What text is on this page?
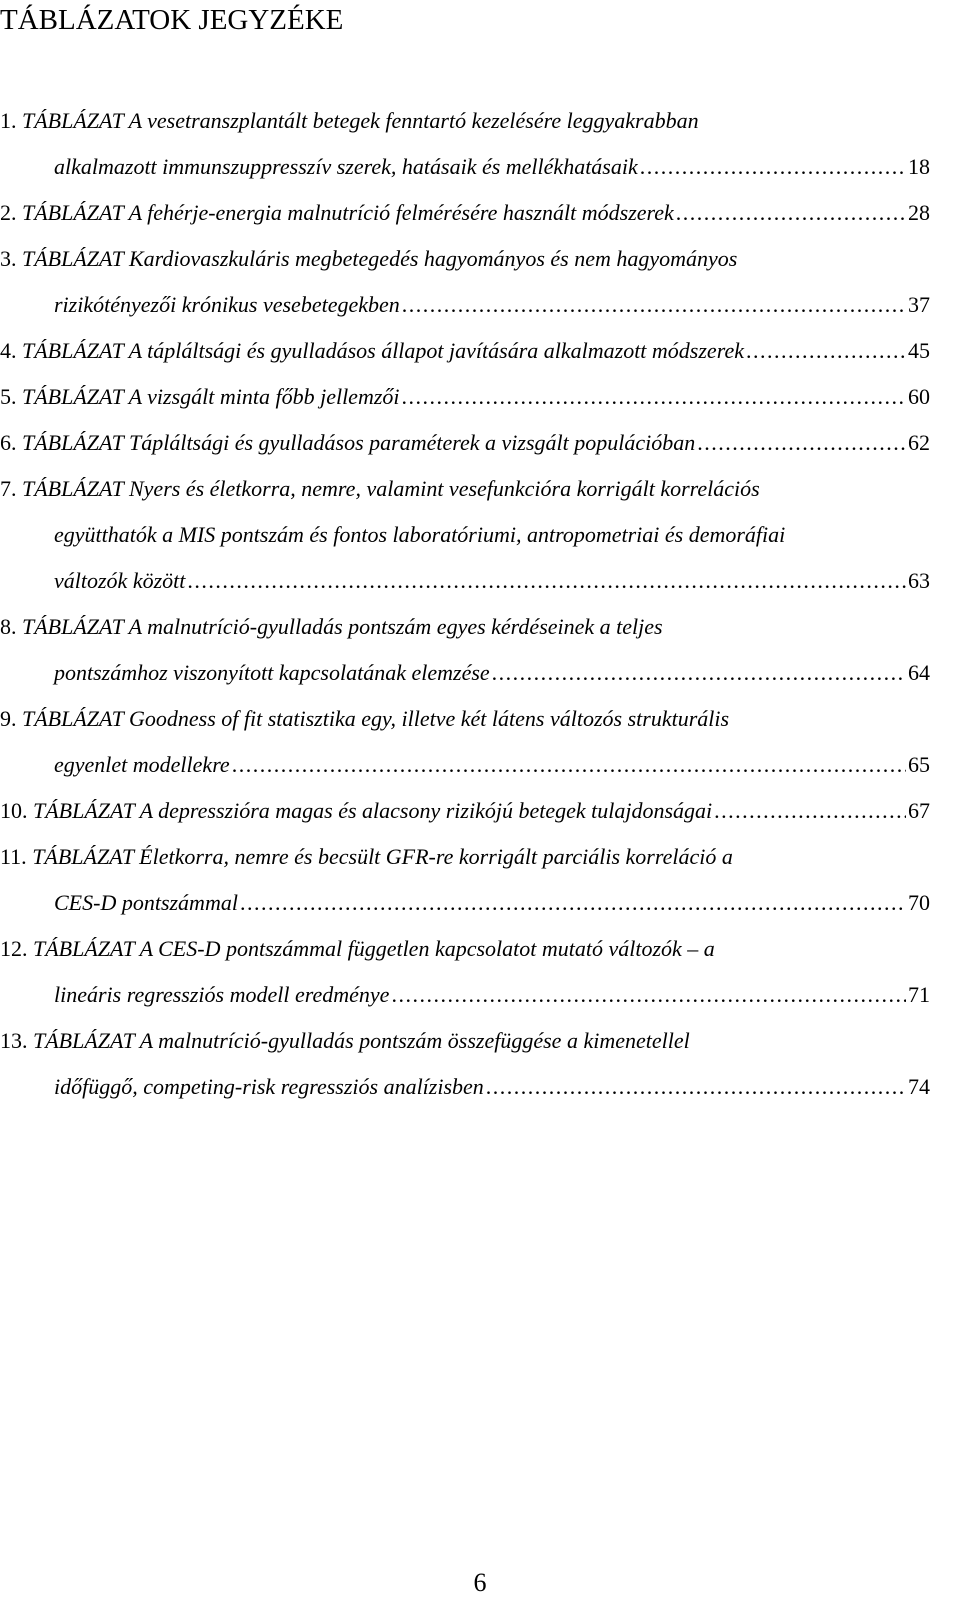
TÁBLÁZATOK JEGYZÉKE
1. TÁBLÁZAT A vesetranszplantált betegek fenntartó kezelésére leggyakrabban
alkalmazott immunszuppresszív szerek, hatásaik és mellékhatásaik . . .	18
2. TÁBLÁZAT A fehérje-energia malnutríció felmérésére használt módszerek . . .	28
3. TÁBLÁZAT Kardiovaszkuláris megbetegedés hagyományos és nem hagyományos
rizikótényezői krónikus vesebetegekben . . .	37
4. TÁBLÁZAT A tápláltsági és gyulladásos állapot javítására alkalmazott módszerek . . .	45
5. TÁBLÁZAT A vizsgált minta főbb jellemzői . . .	60
6. TÁBLÁZAT Tápláltsági és gyulladásos paraméterek a vizsgált populációban . . .	62
7. TÁBLÁZAT Nyers és életkorra, nemre, valamint vesefunkcióra korrigált korrelációs
együtthatók a MIS pontszám és fontos laboratóriumi, antropometriai és demoráfiai
változók között . . .	63
8. TÁBLÁZAT A malnutríció-gyulladás pontszám egyes kérdéseinek a teljes
pontszámhoz viszonyított kapcsolatának elemzése . . .	64
9. TÁBLÁZAT Goodness of fit statisztika egy, illetve két látens változós strukturális
egyenlet modellekre . . .	65
10. TÁBLÁZAT A depresszióra magas és alacsony rizikójú betegek tulajdonságai . . .	67
11. TÁBLÁZAT Életkorra, nemre és becsült GFR-re korrigált parciális korreláció a
CES-D pontszámmal . . .	70
12. TÁBLÁZAT A CES-D pontszámmal független kapcsolatot mutató változók – a
lineáris regressziós modell eredménye . . .	71
13. TÁBLÁZAT A malnutríció-gyulladás pontszám összefüggése a kimenetellel
időfüggő, competing-risk regressziós analízisben . . .	74
6
